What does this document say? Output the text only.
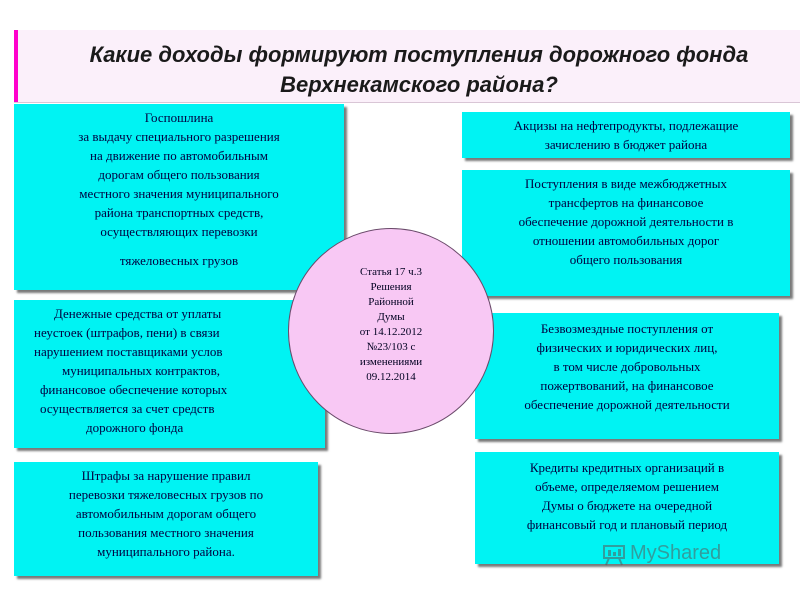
Какие доходы формируют поступления дорожного фонда
Верхнекамского района?
Госпошлина
за выдачу специального разрешения
на движение по автомобильным
дорогам общего пользования
местного значения муниципального
района транспортных средств,
осуществляющих перевозки
тяжеловесных грузов
Денежные средства от уплаты
неустоек (штрафов, пени) в связи
нарушением поставщиками услов
муниципальных контрактов,
финансовое обеспечение которых
осуществляется за счет средств
дорожного фонда
Штрафы за нарушение правил
перевозки тяжеловесных грузов по
автомобильным дорогам общего
пользования местного значения
муниципального района.
Акцизы на нефтепродукты, подлежащие
зачислению в бюджет района
Поступления в виде межбюджетных
трансфертов на финансовое
обеспечение дорожной деятельности в
отношении автомобильных дорог
общего пользования
Безвозмездные поступления от
физических и юридических лиц,
в том числе добровольных
пожертвований, на финансовое
обеспечение дорожной деятельности
Кредиты кредитных организаций в
объеме, определяемом решением
Думы о бюджете на очередной
финансовый год и плановый период
Статья 17 ч.3
Решения
Районной
Думы
от 14.12.2012
№23/103 с
изменениями
09.12.2014
MyShared
